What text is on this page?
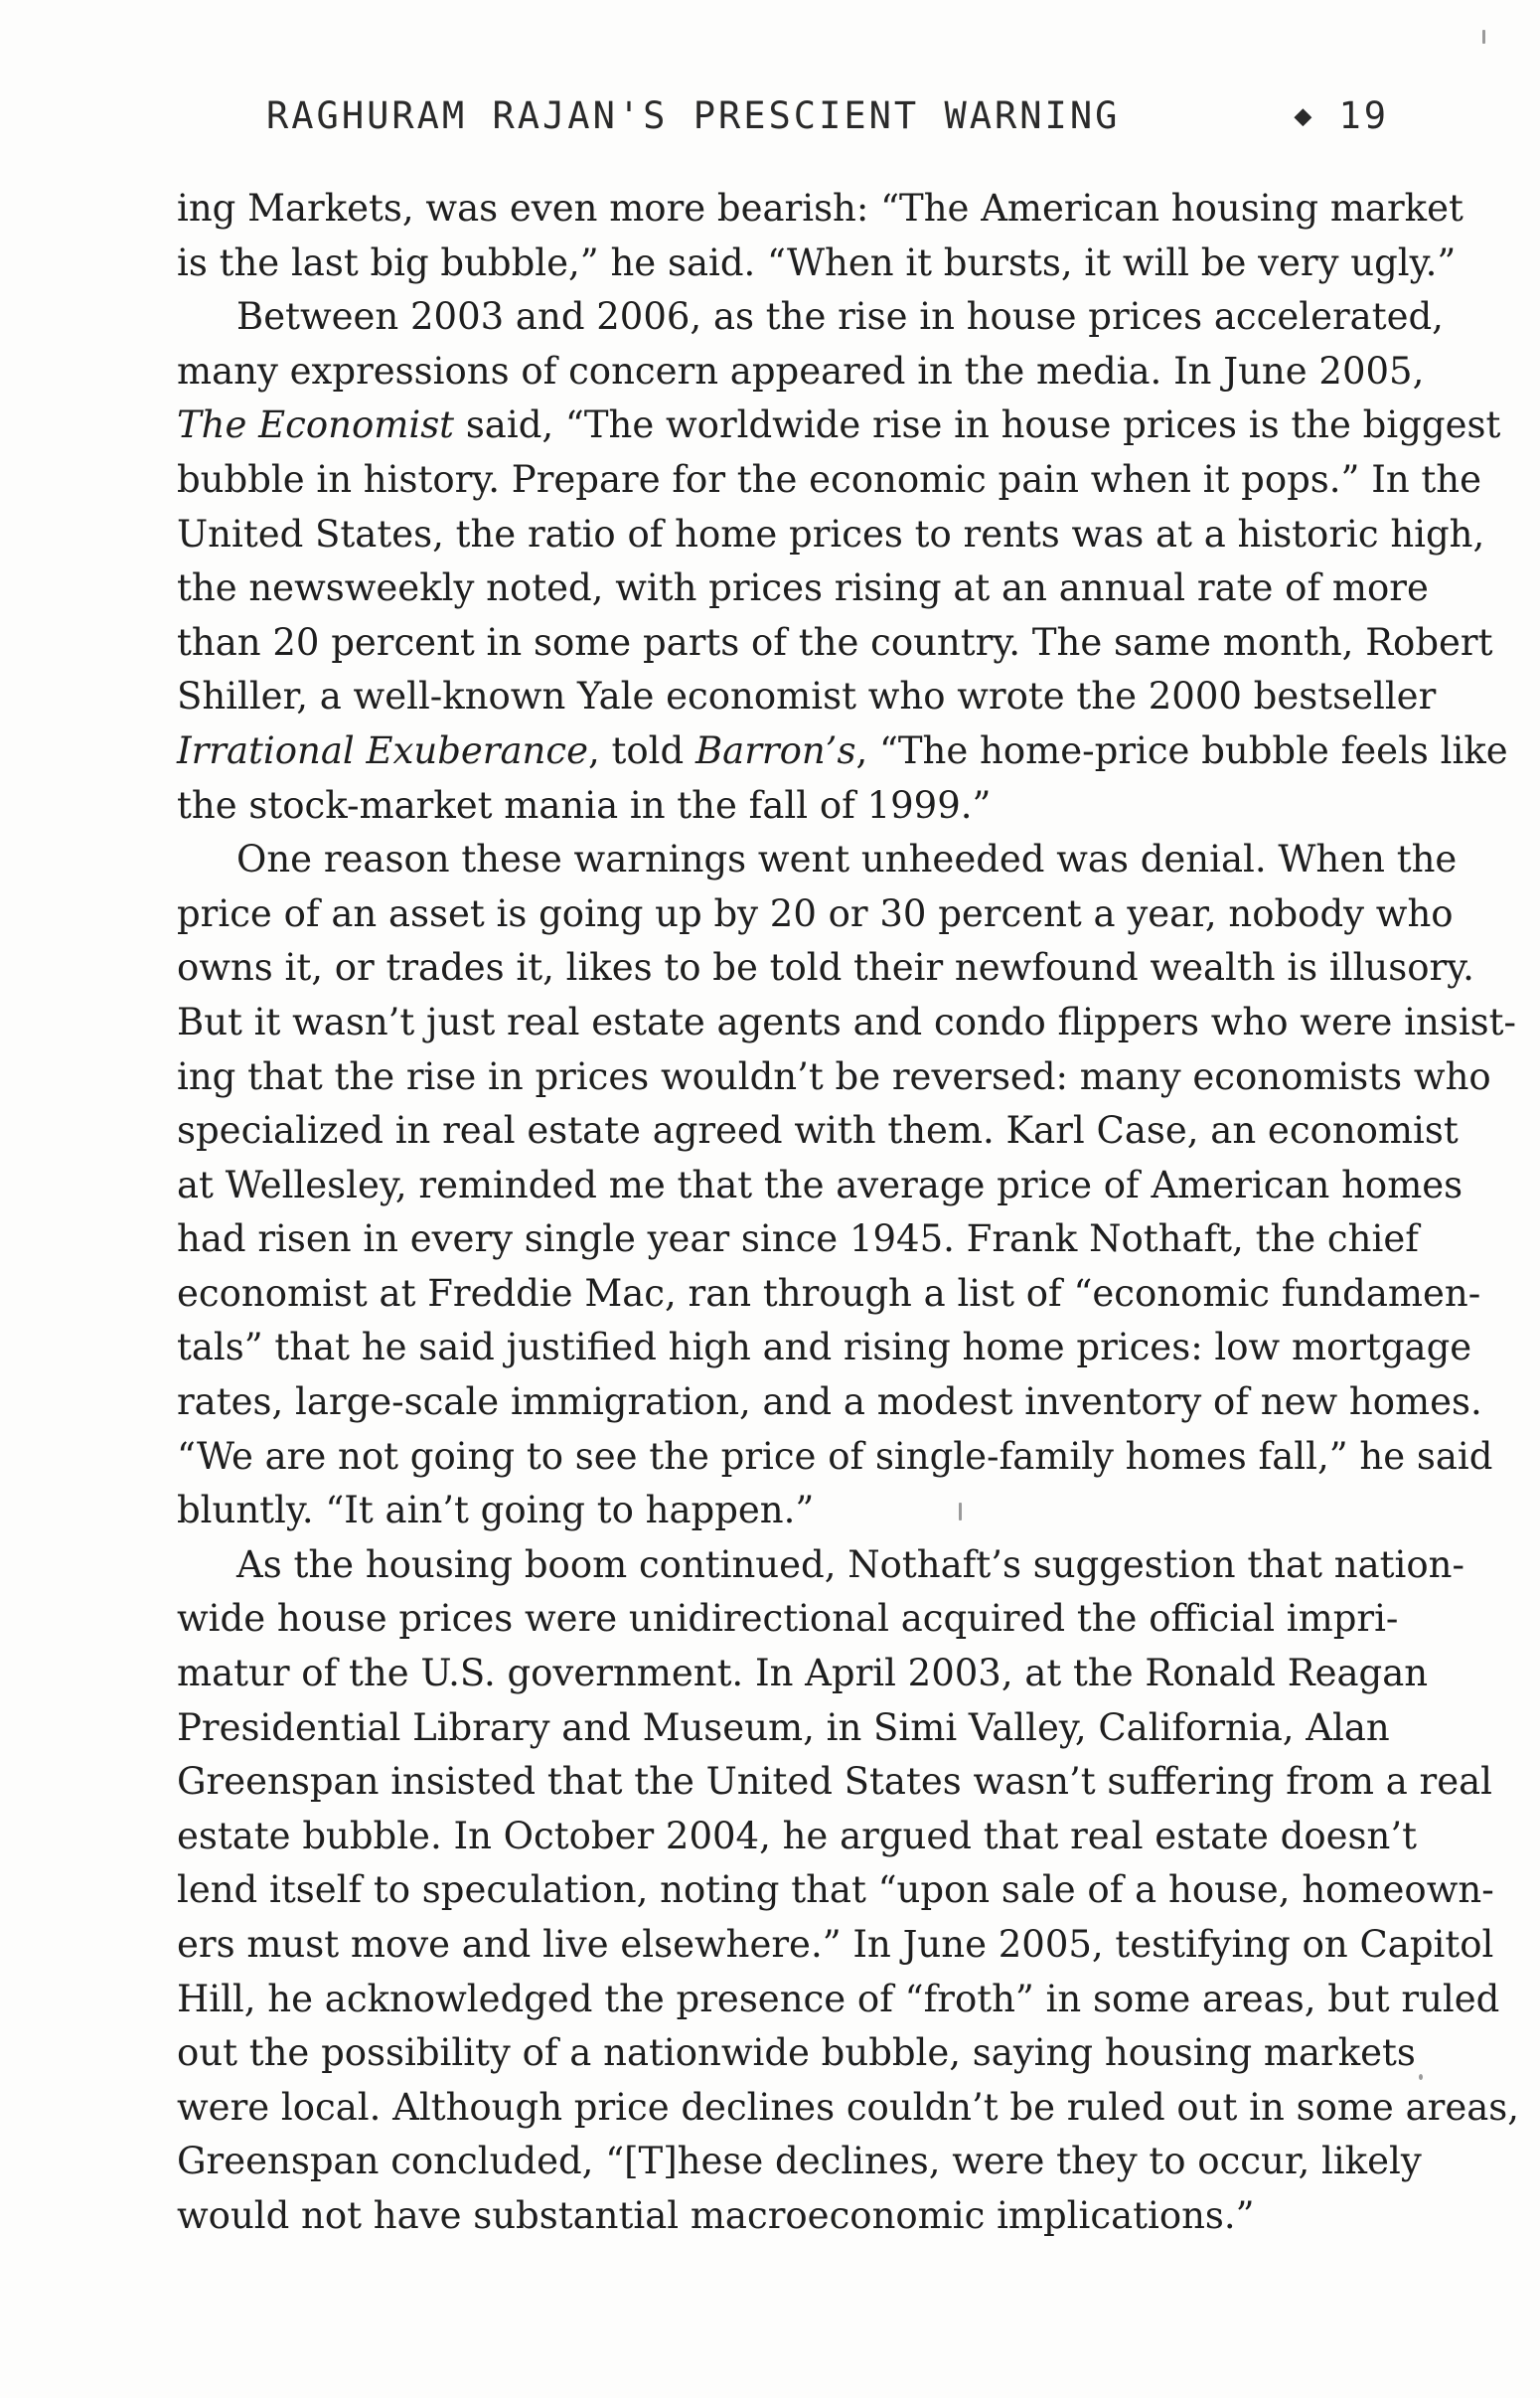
RAGHURAM RAJAN'S PRESCIENT WARNING	◆ 19

ing Markets, was even more bearish: “The American housing market
is the last big bubble,” he said. “When it bursts, it will be very ugly.”

Between 2003 and 2006, as the rise in house prices accelerated,
many expressions of concern appeared in the media. In June 2005,
The Economist said, “The worldwide rise in house prices is the biggest
bubble in history. Prepare for the economic pain when it pops.” In the
United States, the ratio of home prices to rents was at a historic high,
the newsweekly noted, with prices rising at an annual rate of more
than 20 percent in some parts of the country. The same month, Robert
Shiller, a well-known Yale economist who wrote the 2000 bestseller
Irrational Exuberance, told Barron’s, “The home-price bubble feels like
the stock-market mania in the fall of 1999.”

One reason these warnings went unheeded was denial. When the
price of an asset is going up by 20 or 30 percent a year, nobody who
owns it, or trades it, likes to be told their newfound wealth is illusory.
But it wasn’t just real estate agents and condo flippers who were insist-
ing that the rise in prices wouldn’t be reversed: many economists who
specialized in real estate agreed with them. Karl Case, an economist
at Wellesley, reminded me that the average price of American homes
had risen in every single year since 1945. Frank Nothaft, the chief
economist at Freddie Mac, ran through a list of “economic fundamen-
tals” that he said justified high and rising home prices: low mortgage
rates, large-scale immigration, and a modest inventory of new homes.
“We are not going to see the price of single-family homes fall,” he said
bluntly. “It ain’t going to happen.”

As the housing boom continued, Nothaft’s suggestion that nation-
wide house prices were unidirectional acquired the official impri-
matur of the U.S. government. In April 2003, at the Ronald Reagan
Presidential Library and Museum, in Simi Valley, California, Alan
Greenspan insisted that the United States wasn’t suffering from a real
estate bubble. In October 2004, he argued that real estate doesn’t
lend itself to speculation, noting that “upon sale of a house, homeown-
ers must move and live elsewhere.” In June 2005, testifying on Capitol
Hill, he acknowledged the presence of “froth” in some areas, but ruled
out the possibility of a nationwide bubble, saying housing markets
were local. Although price declines couldn’t be ruled out in some areas,
Greenspan concluded, “[T]hese declines, were they to occur, likely
would not have substantial macroeconomic implications.”
